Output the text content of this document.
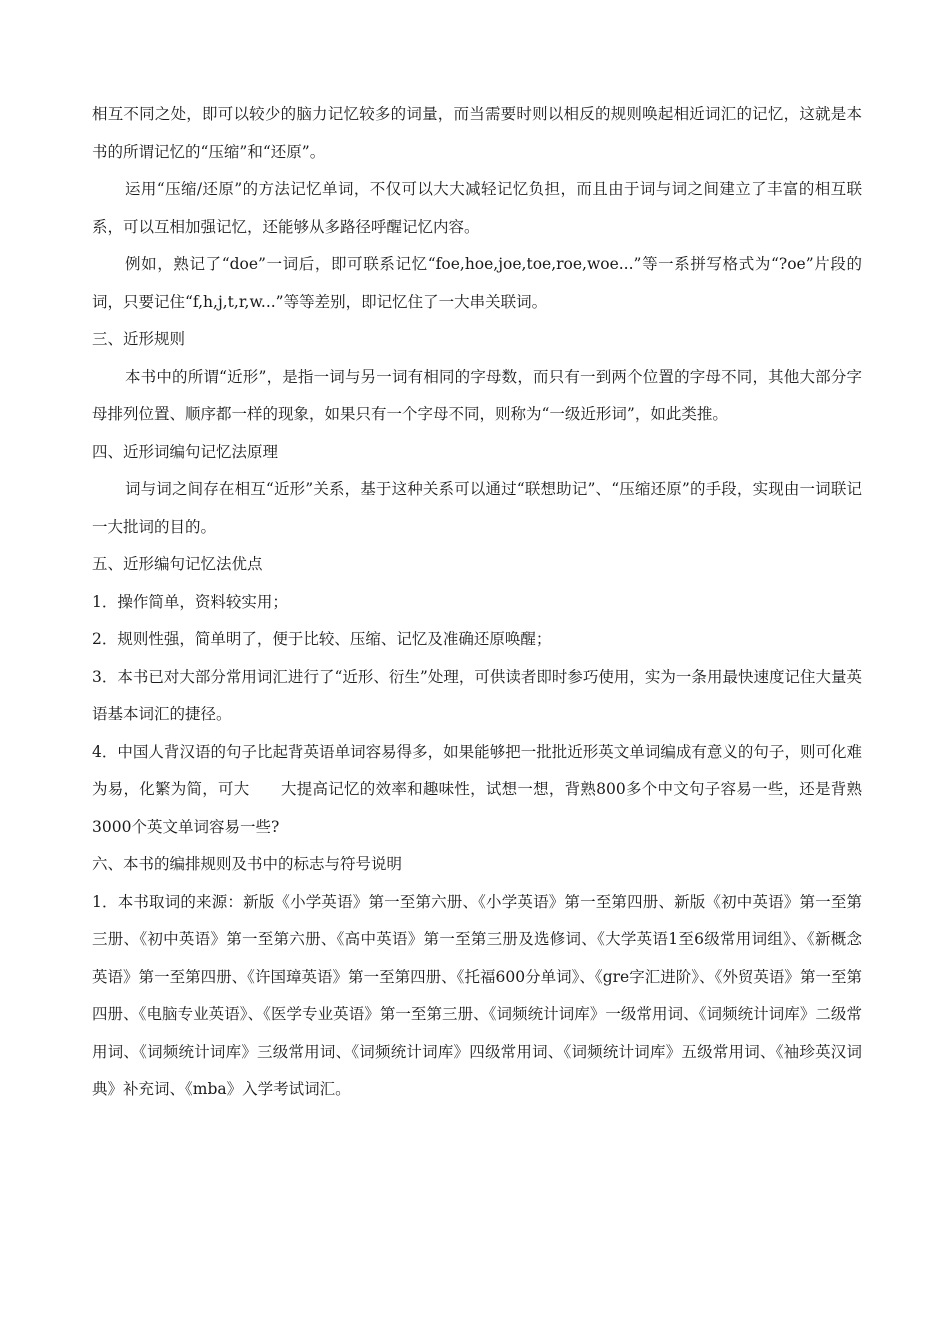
相互不同之处，即可以较少的脑力记忆较多的词量，而当需要时则以相反的规则唤起相近词汇的记忆，这就是本书的所谓记忆的“压缩”和“还原”。

运用“压缩/还原”的方法记忆单词，不仅可以大大减轻记忆负担，而且由于词与词之间建立了丰富的相互联系，可以互相加强记忆，还能够从多路径呼醒记忆内容。

例如，熟记了“doe”一词后，即可联系记忆“foe,hoe,joe,toe,roe,woe...”等一系拼写格式为“?oe”片段的词，只要记住“f,h,j,t,r,w...”等等差别，即记忆住了一大串关联词。

三、近形规则

本书中的所谓“近形”，是指一词与另一词有相同的字母数，而只有一到两个位置的字母不同，其他大部分字母排列位置、顺序都一样的现象，如果只有一个字母不同，则称为“一级近形词”，如此类推。

四、近形词编句记忆法原理

词与词之间存在相互“近形”关系，基于这种关系可以通过“联想助记”、“压缩还原”的手段，实现由一词联记一大批词的目的。

五、近形编句记忆法优点

1．操作简单，资料较实用；

2．规则性强，简单明了，便于比较、压缩、记忆及准确还原唤醒；

3．本书已对大部分常用词汇进行了“近形、衍生”处理，可供读者即时参巧使用，实为一条用最快速度记住大量英语基本词汇的捷径。

4．中国人背汉语的句子比起背英语单词容易得多，如果能够把一批批近形英文单词编成有意义的句子，则可化难为易，化繁为简，可大　　大提高记忆的效率和趣味性，试想一想，背熟800多个中文句子容易一些，还是背熟3000个英文单词容易一些?

六、本书的编排规则及书中的标志与符号说明

1．本书取词的来源：新版《小学英语》第一至第六册、《小学英语》第一至第四册、新版《初中英语》第一至第三册、《初中英语》第一至第六册、《高中英语》第一至第三册及选修词、《大学英语1至6级常用词组》、《新概念英语》第一至第四册、《许国璋英语》第一至第四册、《托福600分单词》、《gre字汇进阶》、《外贸英语》第一至第四册、《电脑专业英语》、《医学专业英语》第一至第三册、《词频统计词库》一级常用词、《词频统计词库》二级常用词、《词频统计词库》三级常用词、《词频统计词库》四级常用词、《词频统计词库》五级常用词、《袖珍英汉词典》补充词、《mba》入学考试词汇。
